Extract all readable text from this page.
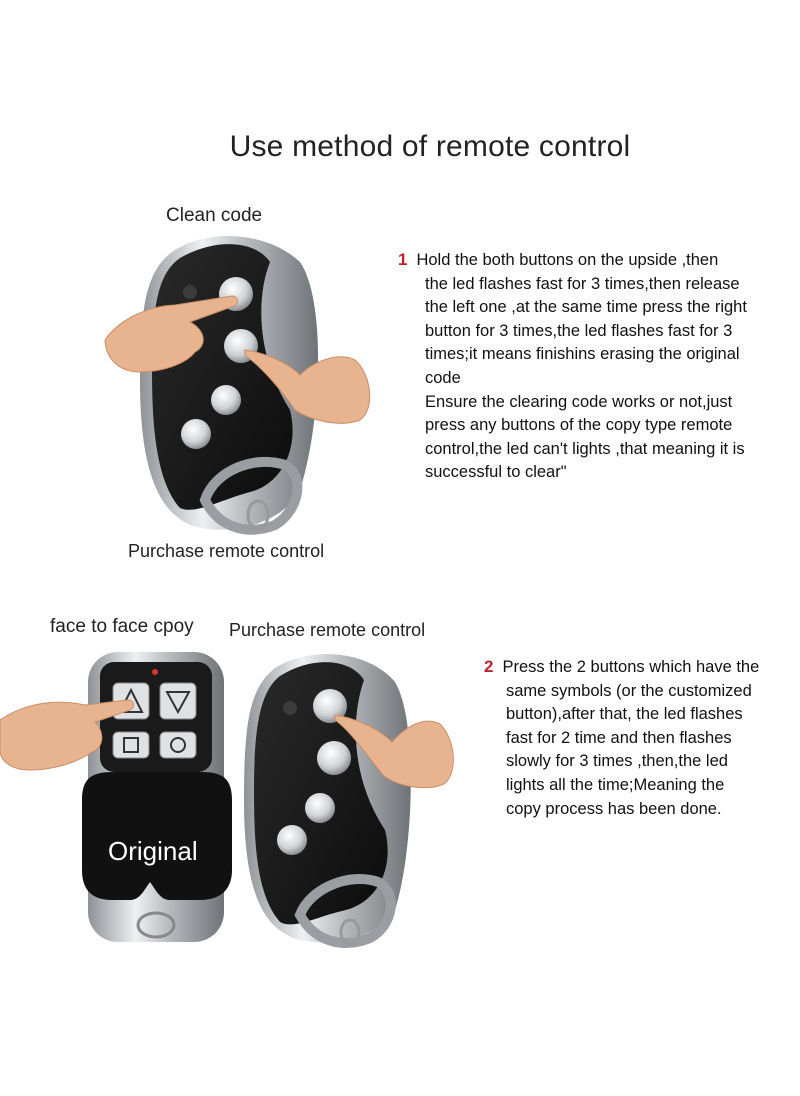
Use method of remote control
Clean code
Purchase remote control

1 Hold the both buttons on the upside ,then

the led flashes fast for 3 times,then release

the left one ,at the same time press the right

button for 3 times,the led flashes fast for 3

times;it means finishins erasing the original

code

Ensure the clearing code works or not,just

press any buttons of the copy type remote

control,the led can't lights ,that meaning it is

successful to clear"

face to face cpoy Purchase remote control
Original

2 Press the 2 buttons which have the

same symbols (or the customized

button),after that, the led flashes

fast for 2 time and then flashes

slowly for 3 times ,then,the led

lights all the time;Meaning the

copy process has been done.
